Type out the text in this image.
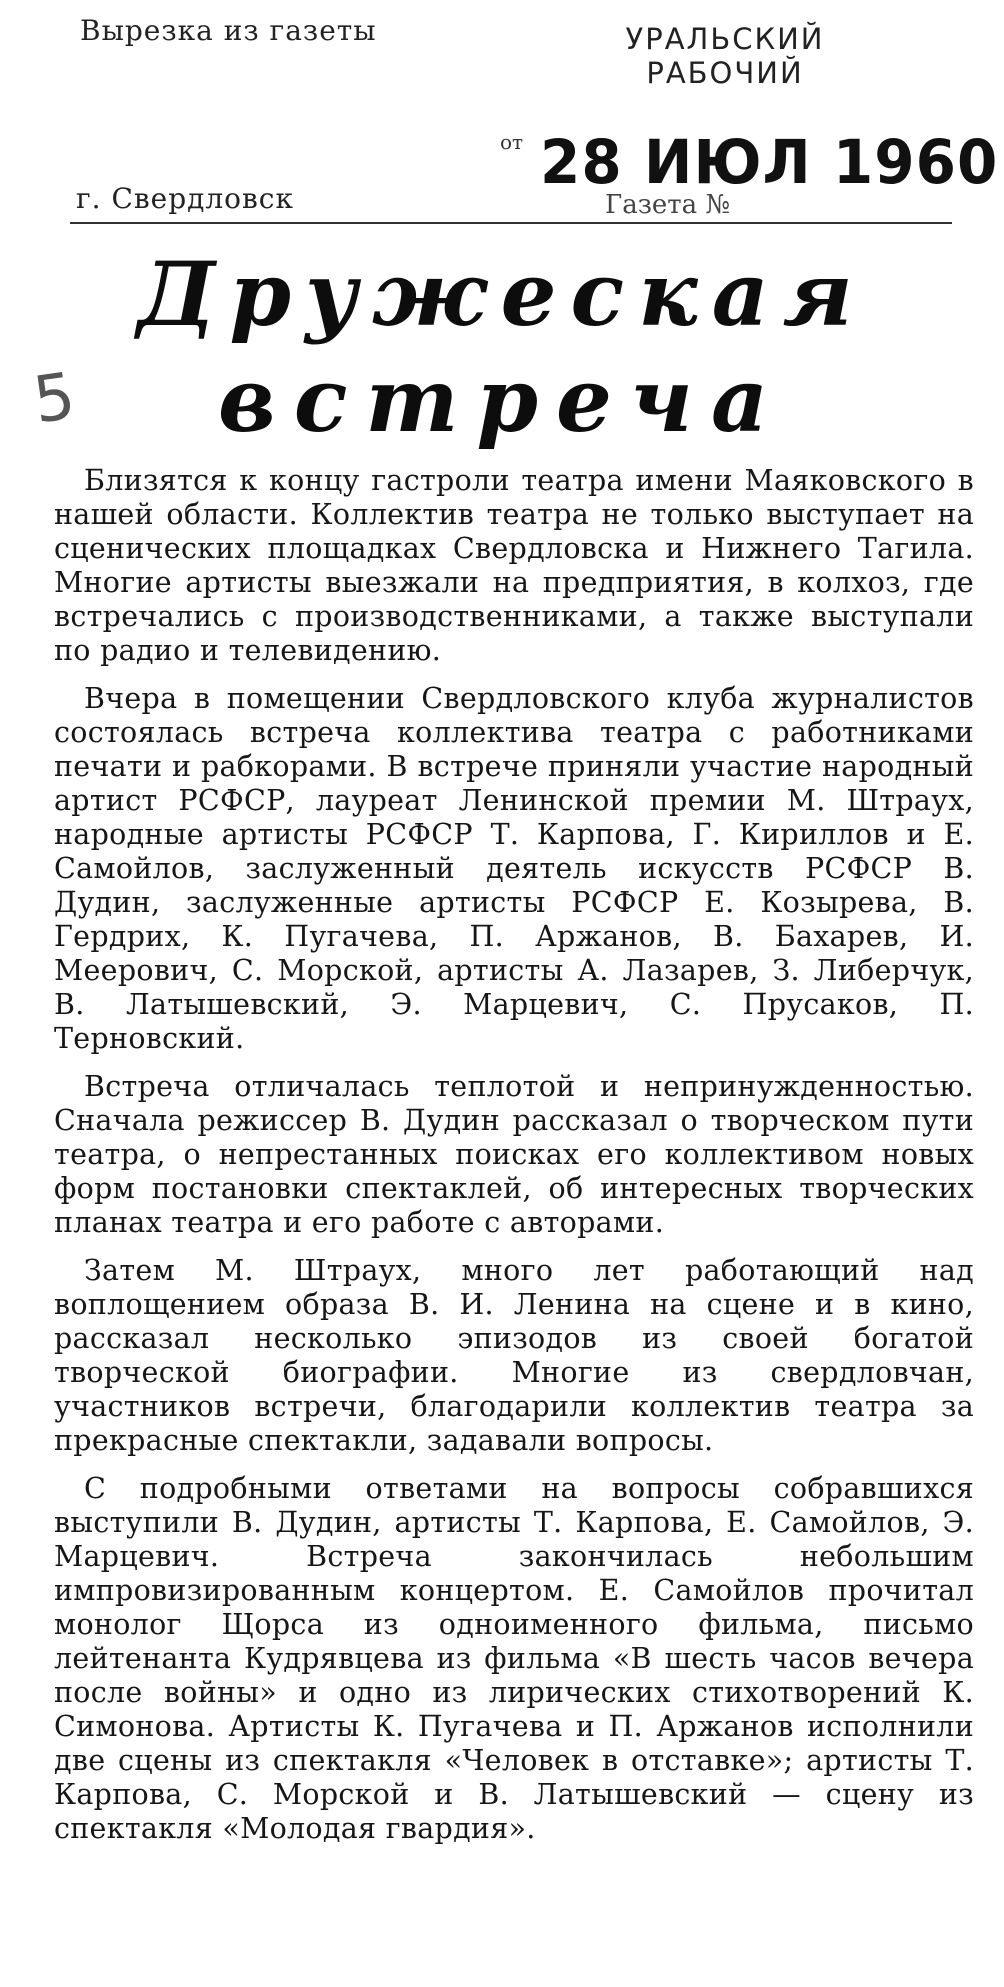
Вырезка из газеты	УРАЛЬСКИЙ
РАБОЧИЙ
от 28 ИЮЛ 1960
г. Свердловск	Газета №
5
Дружеская
встреча

Близятся к концу гастроли театра имени Маяковского в нашей области. Коллектив театра не только выступает на сценических площадках Свердловска и Нижнего Тагила. Многие артисты выезжали на предприятия, в колхоз, где встречались с производственниками, а также выступали по радио и телевидению.

Вчера в помещении Свердловского клуба журналистов состоялась встреча коллектива театра с работниками печати и рабкорами. В встрече приняли участие народный артист РСФСР, лауреат Ленинской премии М. Штраух, народные артисты РСФСР Т. Карпова, Г. Кириллов и Е. Самойлов, заслуженный деятель искусств РСФСР В. Дудин, заслуженные артисты РСФСР Е. Козырева, В. Гердрих, К. Пугачева, П. Аржанов, В. Бахарев, И. Меерович, С. Морской, артисты А. Лазарев, З. Либерчук, В. Латышевский, Э. Марцевич, С. Прусаков, П. Терновский.

Встреча отличалась теплотой и непринужденностью. Сначала режиссер В. Дудин рассказал о творческом пути театра, о непрестанных поисках его коллективом новых форм постановки спектаклей, об интересных творческих планах театра и его работе с авторами.

Затем М. Штраух, много лет работающий над воплощением образа В. И. Ленина на сцене и в кино, рассказал несколько эпизодов из своей богатой творческой биографии. Многие из свердловчан, участников встречи, благодарили коллектив театра за прекрасные спектакли, задавали вопросы.

С подробными ответами на вопросы собравшихся выступили В. Дудин, артисты Т. Карпова, Е. Самойлов, Э. Марцевич. Встреча закончилась небольшим импровизированным концертом. Е. Самойлов прочитал монолог Щорса из одноименного фильма, письмо лейтенанта Кудрявцева из фильма «В шесть часов вечера после войны» и одно из лирических стихотворений К. Симонова. Артисты К. Пугачева и П. Аржанов исполнили две сцены из спектакля «Человек в отставке»; артисты Т. Карпова, С. Морской и В. Латышевский — сцену из спектакля «Молодая гвардия».
